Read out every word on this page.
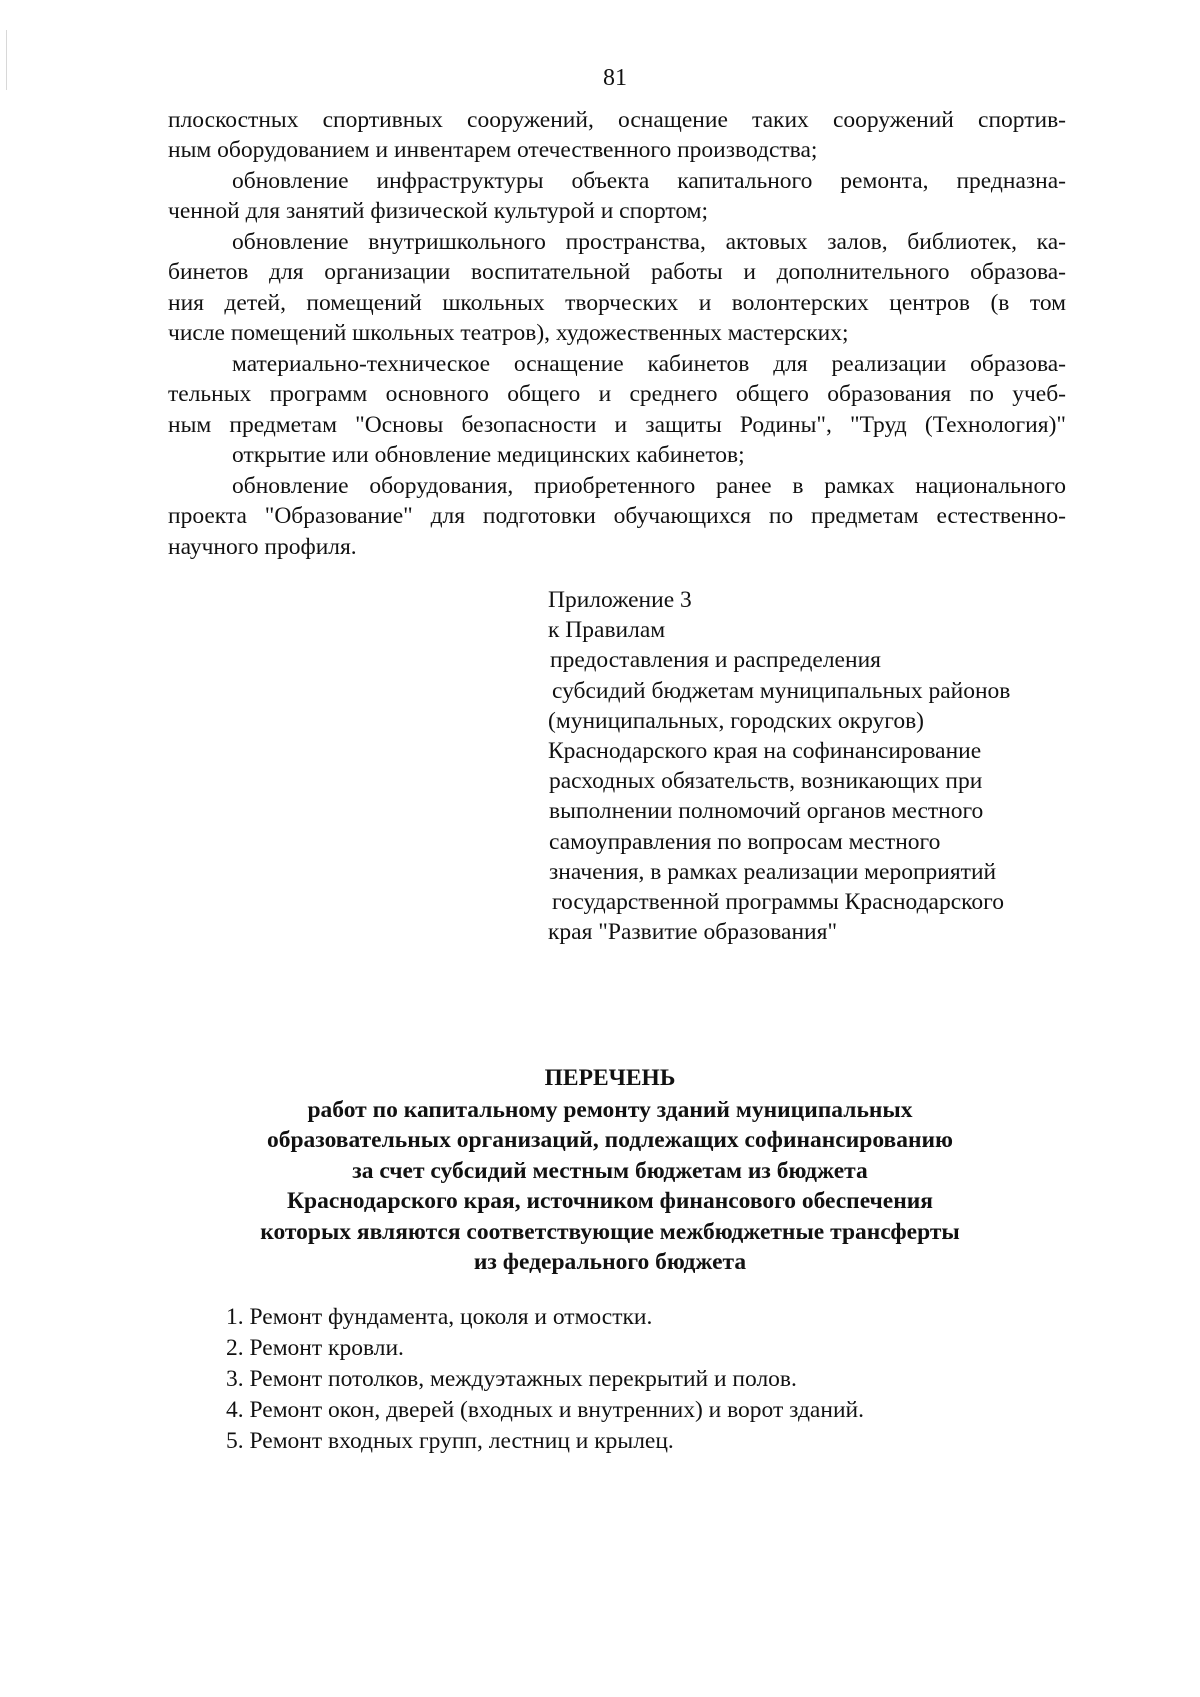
81
плоскостных спортивных сооружений, оснащение таких сооружений спортив-
ным оборудованием и инвентарем отечественного производства;
обновление инфраструктуры объекта капитального ремонта, предназна-
ченной для занятий физической культурой и спортом;
обновление внутришкольного пространства, актовых залов, библиотек, ка-
бинетов для организации воспитательной работы и дополнительного образова-
ния детей, помещений школьных творческих и волонтерских центров (в том
числе помещений школьных театров), художественных мастерских;
материально-техническое оснащение кабинетов для реализации образова-
тельных программ основного общего и среднего общего образования по учеб-
ным предметам "Основы безопасности и защиты Родины", "Труд (Технология)"
открытие или обновление медицинских кабинетов;
обновление оборудования, приобретенного ранее в рамках национального
проекта "Образование" для подготовки обучающихся по предметам естественно-
научного профиля.
Приложение 3
к Правилам
предоставления и распределения
субсидий бюджетам муниципальных районов
(муниципальных, городских округов)
Краснодарского края на софинансирование
расходных обязательств, возникающих при
выполнении полномочий органов местного
самоуправления по вопросам местного
значения, в рамках реализации мероприятий
государственной программы Краснодарского
края "Развитие образования"
ПЕРЕЧЕНЬ
работ по капитальному ремонту зданий муниципальных
образовательных организаций, подлежащих софинансированию
за счет субсидий местным бюджетам из бюджета
Краснодарского края, источником финансового обеспечения
которых являются соответствующие межбюджетные трансферты
из федерального бюджета
1. Ремонт фундамента, цоколя и отмостки.
2. Ремонт кровли.
3. Ремонт потолков, междуэтажных перекрытий и полов.
4. Ремонт окон, дверей (входных и внутренних) и ворот зданий.
5. Ремонт входных групп, лестниц и крылец.
